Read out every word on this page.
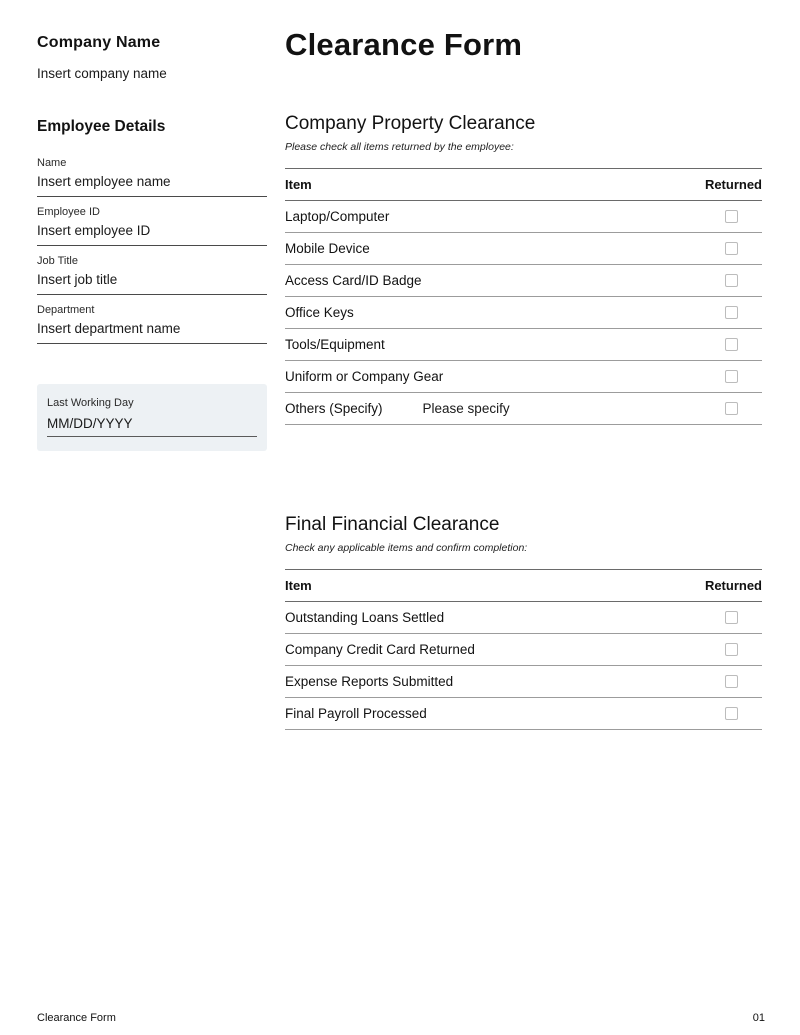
Company Name
Insert company name
Employee Details
Name
Insert employee name
Employee ID
Insert employee ID
Job Title
Insert job title
Department
Insert department name
Last Working Day
MM/DD/YYYY
Clearance Form
Company Property Clearance

Please check all items returned by the employee:

Item	Returned
Laptop/Computer
Mobile Device
Access Card/ID Badge
Office Keys
Tools/Equipment
Uniform or Company Gear
Others (Specify)	Please specify
Final Financial Clearance

Check any applicable items and confirm completion:

Item	Returned
Outstanding Loans Settled
Company Credit Card Returned
Expense Reports Submitted
Final Payroll Processed
Clearance Form	01
